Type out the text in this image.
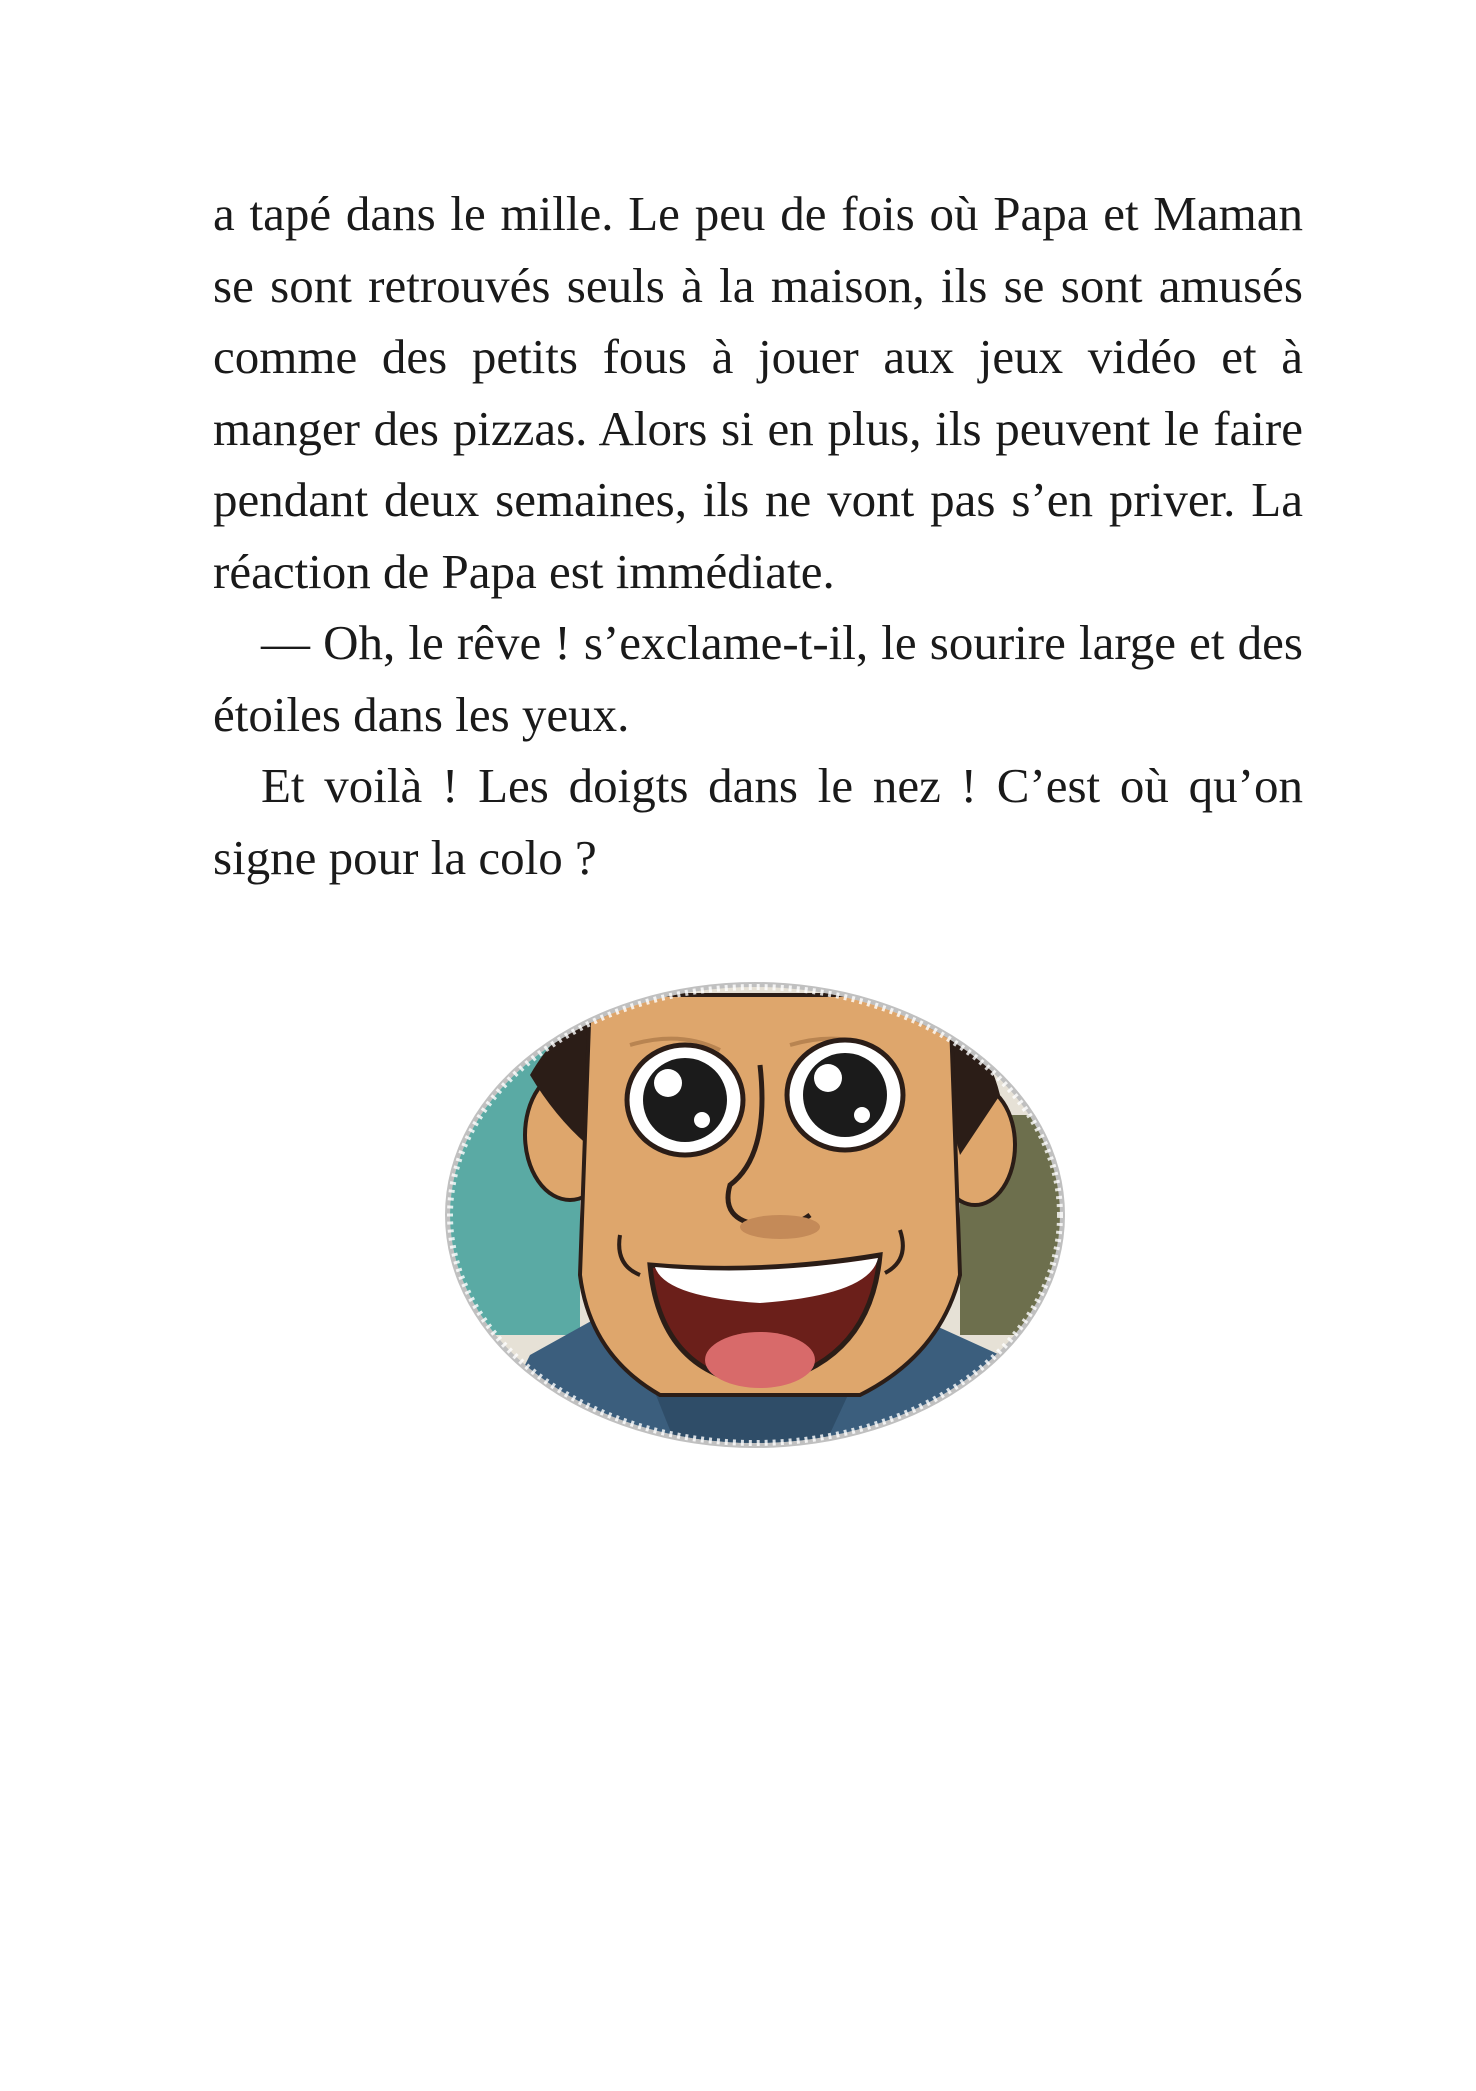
a tapé dans le mille. Le peu de fois où Papa et Maman se sont retrouvés seuls à la maison, ils se sont amusés comme des petits fous à jouer aux jeux vidéo et à manger des pizzas. Alors si en plus, ils peuvent le faire pendant deux semaines, ils ne vont pas s’en priver. La réaction de Papa est immédiate.

— Oh, le rêve ! s’exclame-t-il, le sourire large et des étoiles dans les yeux.

Et voilà ! Les doigts dans le nez ! C’est où qu’on signe pour la colo ?
